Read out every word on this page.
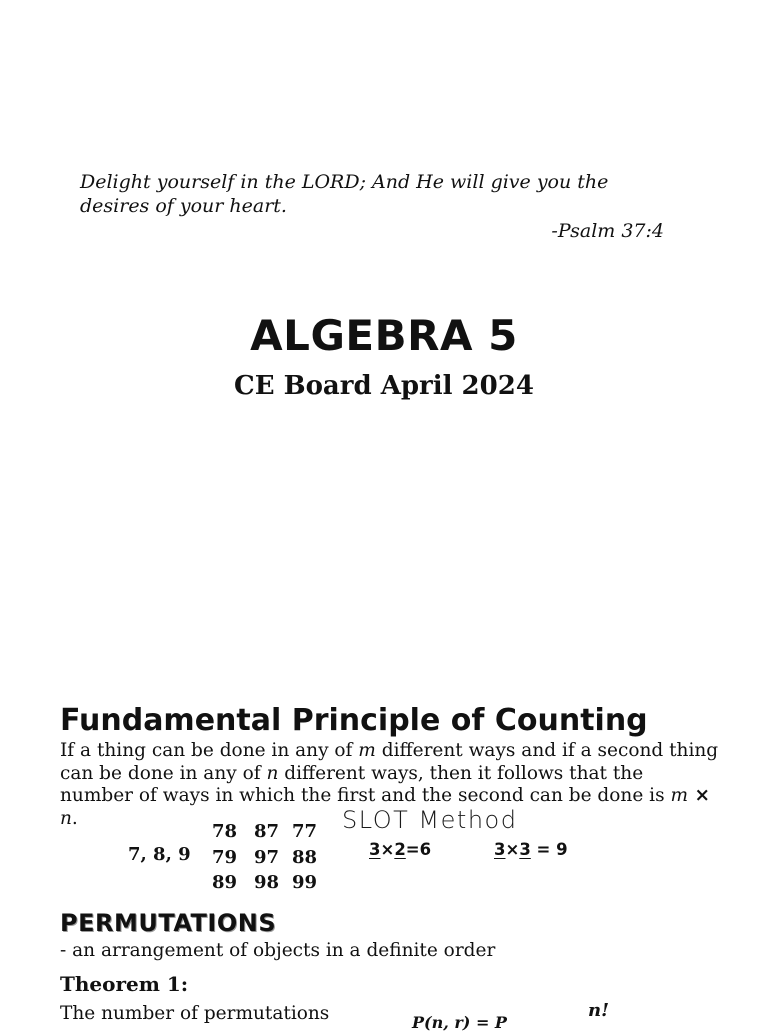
Delight yourself in the LORD; And He will give you the desires of your heart.
-Psalm 37:4
ALGEBRA 5
CE Board April 2024
Fundamental Principle of Counting
If a thing can be done in any of m different ways and if a second thing can be done in any of n different ways, then it follows that the number of ways in which the first and the second can be done is m × n.
7, 8, 9
78 87 77
79 97 88
89 98 99
SLOT Method
3×2=6	3×3 = 9
PERMUTATIONS
- an arrangement of objects in a definite order
Theorem 1:
The number of permutations	P(n, r) = P
n!
